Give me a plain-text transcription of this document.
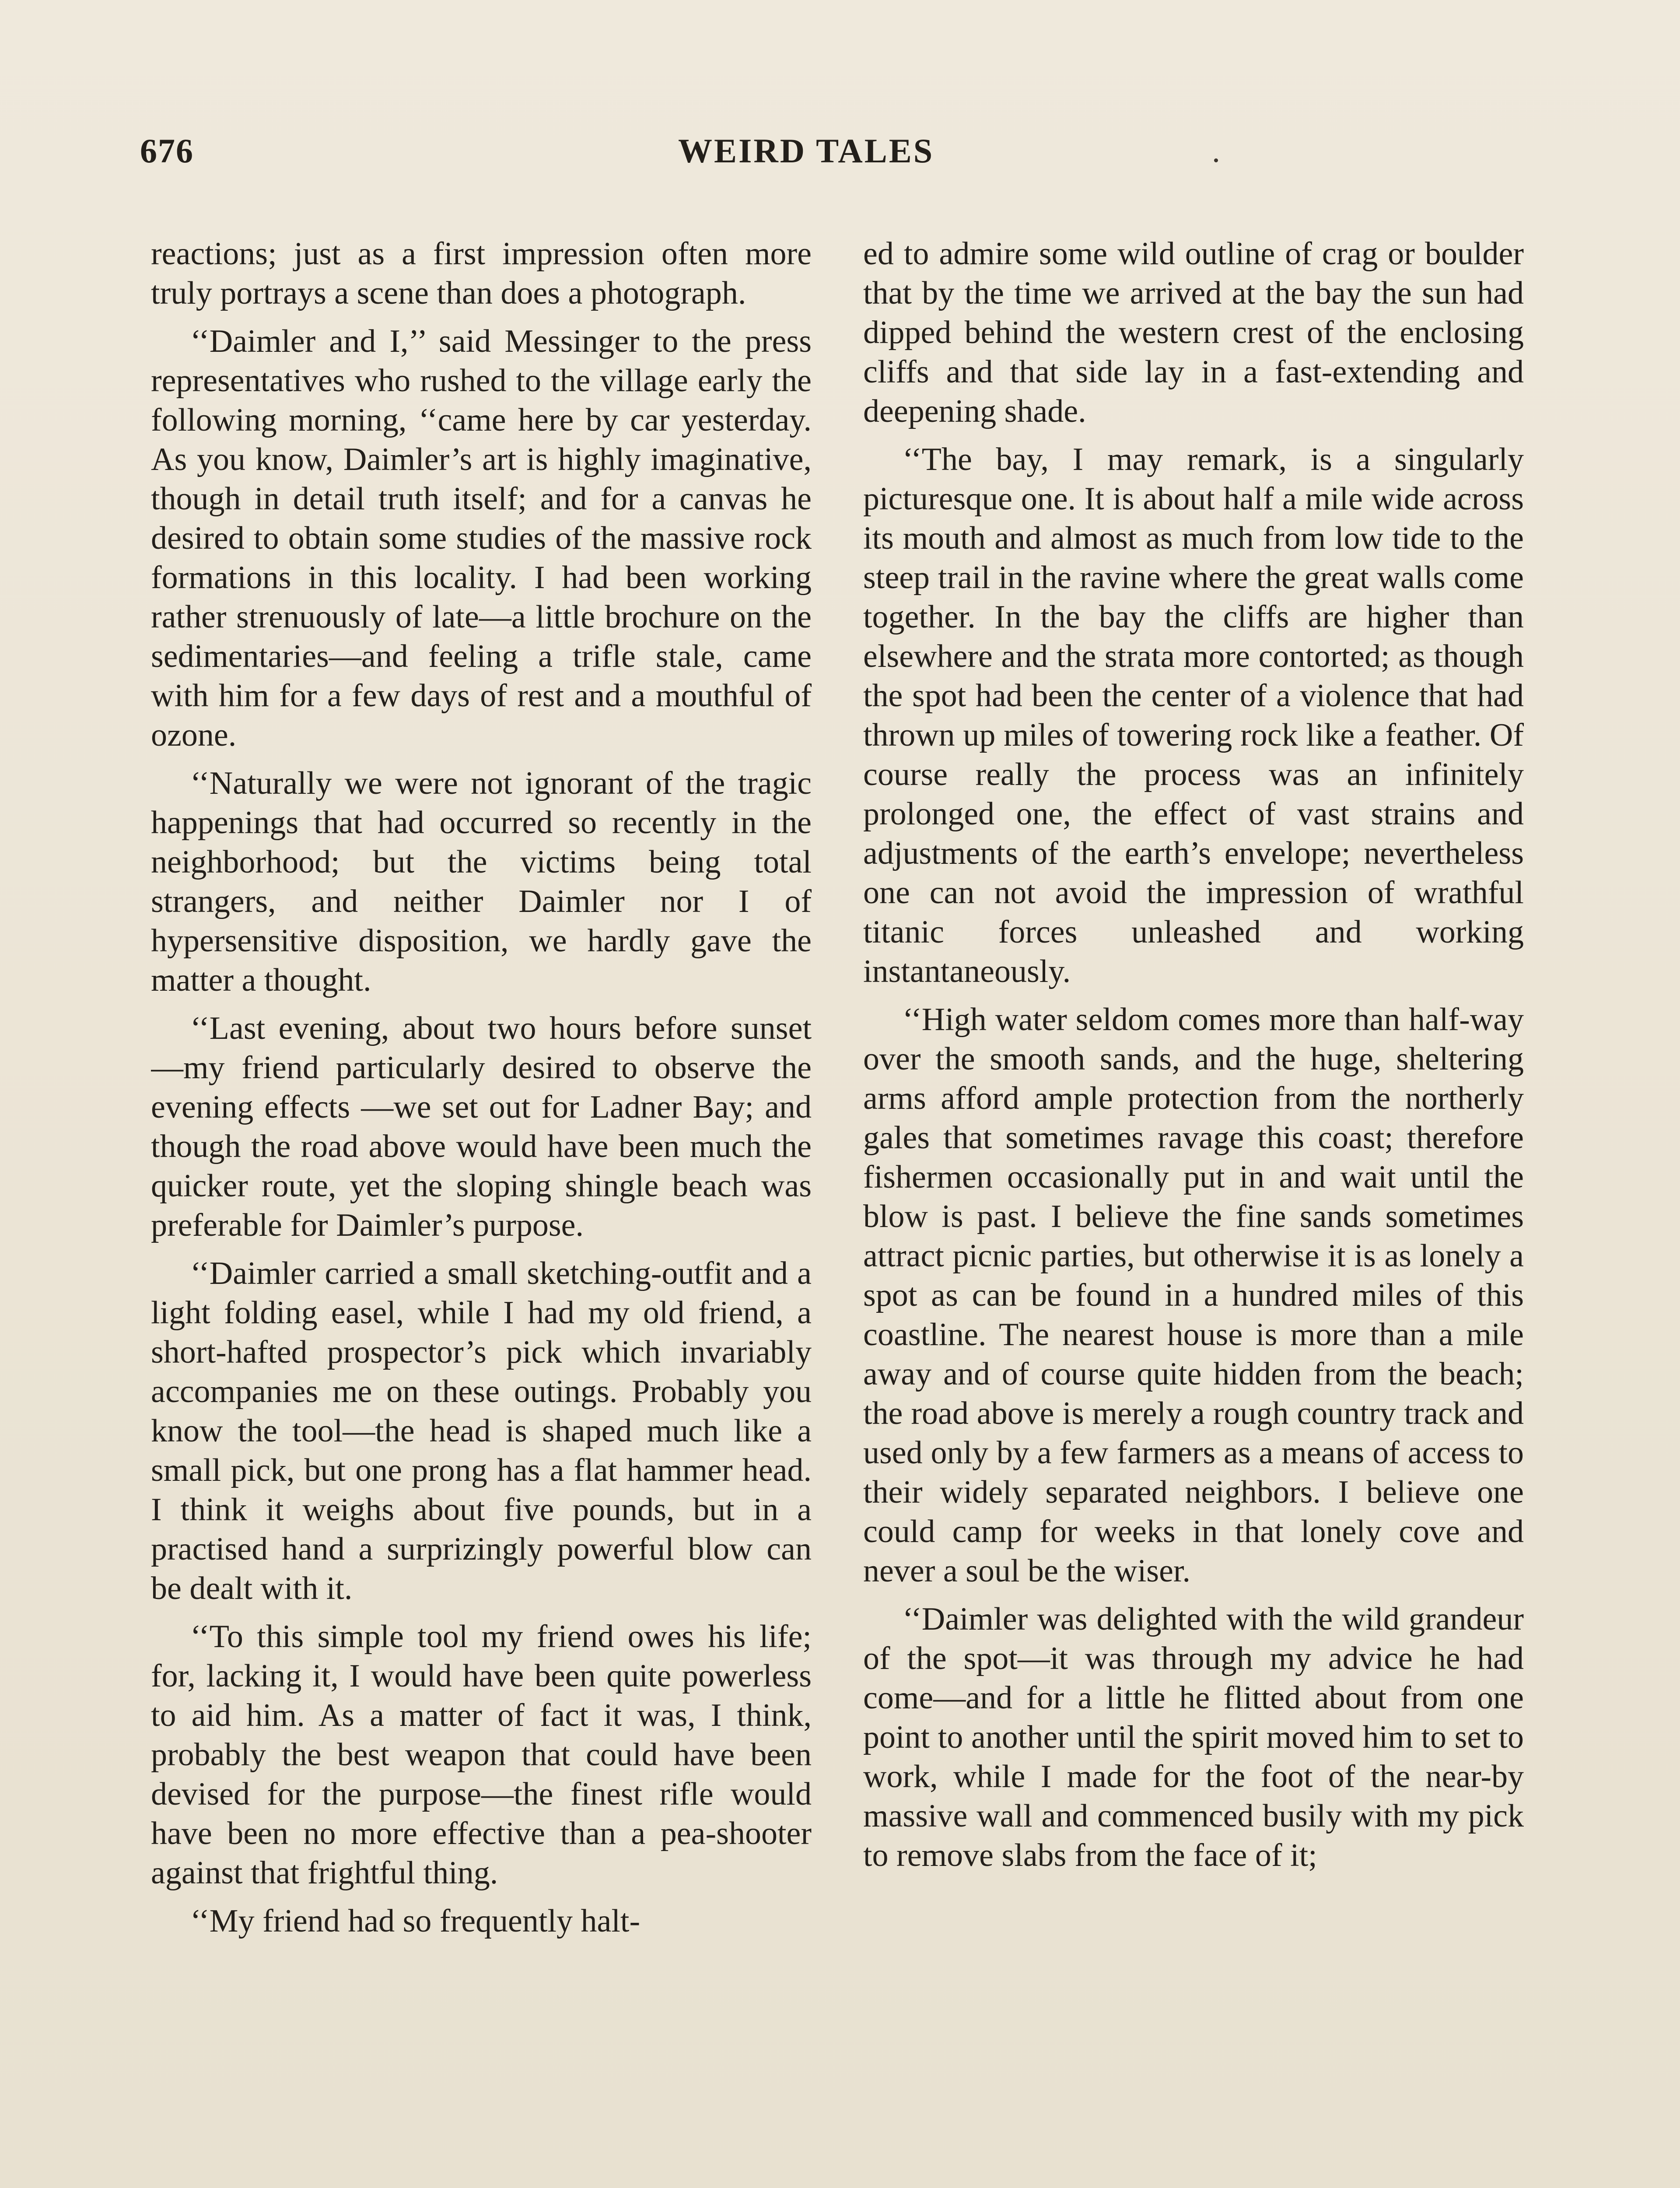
676	WEIRD TALES

reactions; just as a first impression often more truly portrays a scene than does a photograph.

‘‘Daimler and I,’’ said Messinger to the press representatives who rushed to the village early the following morning, ‘‘came here by car yesterday. As you know, Daimler’s art is highly imaginative, though in detail truth itself; and for a canvas he desired to obtain some studies of the massive rock formations in this locality. I had been working rather strenuously of late—a little brochure on the sedimentaries—and feeling a trifle stale, came with him for a few days of rest and a mouthful of ozone.

‘‘Naturally we were not ignorant of the tragic happenings that had occurred so recently in the neighborhood; but the victims being total strangers, and neither Daimler nor I of hypersensitive disposition, we hardly gave the matter a thought.

‘‘Last evening, about two hours before sunset—my friend particularly desired to observe the evening effects —we set out for Ladner Bay; and though the road above would have been much the quicker route, yet the sloping shingle beach was preferable for Daimler’s purpose.

‘‘Daimler carried a small sketching-outfit and a light folding easel, while I had my old friend, a short-hafted prospector’s pick which invariably accompanies me on these outings. Probably you know the tool—the head is shaped much like a small pick, but one prong has a flat hammer head. I think it weighs about five pounds, but in a practised hand a surprizingly powerful blow can be dealt with it.

‘‘To this simple tool my friend owes his life; for, lacking it, I would have been quite powerless to aid him. As a matter of fact it was, I think, probably the best weapon that could have been devised for the purpose—the finest rifle would have been no more effective than a pea-shooter against that frightful thing.

‘‘My friend had so frequently halt-

ed to admire some wild outline of crag or boulder that by the time we arrived at the bay the sun had dipped behind the western crest of the enclosing cliffs and that side lay in a fast-extending and deepening shade.

‘‘The bay, I may remark, is a singularly picturesque one. It is about half a mile wide across its mouth and almost as much from low tide to the steep trail in the ravine where the great walls come together. In the bay the cliffs are higher than elsewhere and the strata more contorted; as though the spot had been the center of a violence that had thrown up miles of towering rock like a feather. Of course really the process was an infinitely prolonged one, the effect of vast strains and adjustments of the earth’s envelope; nevertheless one can not avoid the impression of wrathful titanic forces unleashed and working instantaneously.

‘‘High water seldom comes more than half-way over the smooth sands, and the huge, sheltering arms afford ample protection from the northerly gales that sometimes ravage this coast; therefore fishermen occasionally put in and wait until the blow is past. I believe the fine sands sometimes attract picnic parties, but otherwise it is as lonely a spot as can be found in a hundred miles of this coastline. The nearest house is more than a mile away and of course quite hidden from the beach; the road above is merely a rough country track and used only by a few farmers as a means of access to their widely separated neighbors. I believe one could camp for weeks in that lonely cove and never a soul be the wiser.

‘‘Daimler was delighted with the wild grandeur of the spot—it was through my advice he had come—and for a little he flitted about from one point to another until the spirit moved him to set to work, while I made for the foot of the near-by massive wall and commenced busily with my pick to remove slabs from the face of it;
